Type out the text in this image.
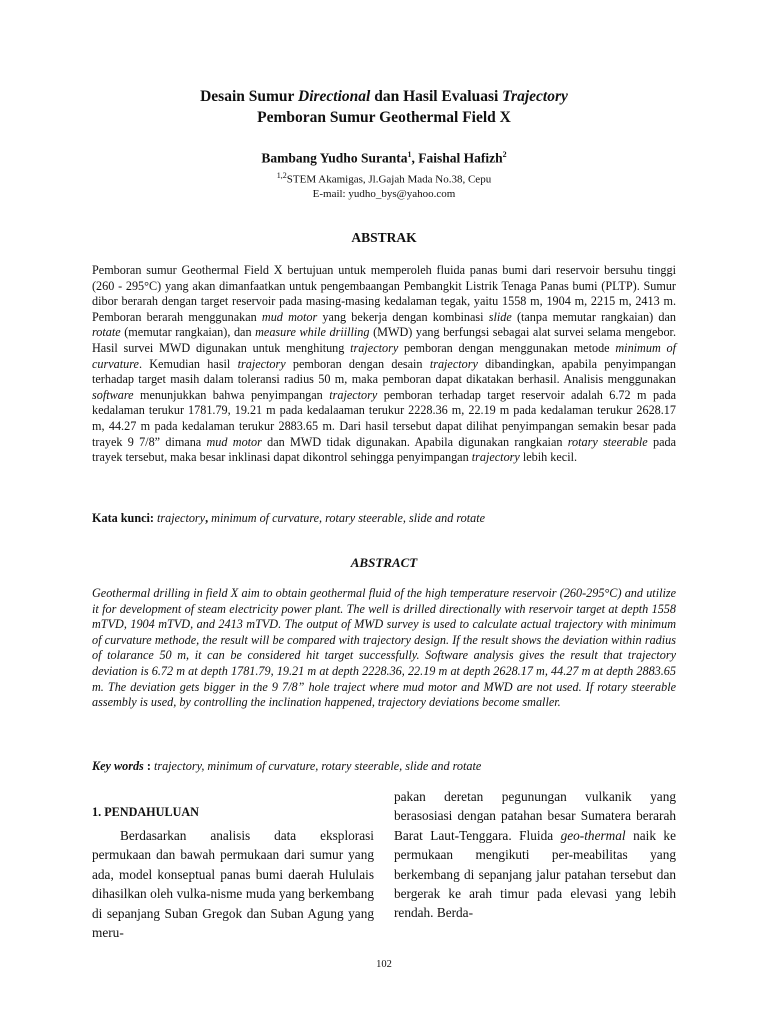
Desain Sumur Directional dan Hasil Evaluasi Trajectory
Pemboran Sumur Geothermal Field X
Bambang Yudho Suranta$^1$, Faishal Hafizh$^2$
$^{1,2}$STEM Akamigas, Jl.Gajah Mada No.38, Cepu
E-mail: yudho_bys@yahoo.com
ABSTRAK
Pemboran sumur Geothermal Field X bertujuan untuk memperoleh fluida panas bumi dari reservoir bersuhu tinggi (260 - 295°C) yang akan dimanfaatkan untuk pengembaangan Pembangkit Listrik Tenaga Panas bumi (PLTP). Sumur dibor berarah dengan target reservoir pada masing-masing kedalaman tegak, yaitu 1558 m, 1904 m, 2215 m, 2413 m. Pemboran berarah menggunakan mud motor yang bekerja dengan kombinasi slide (tanpa memutar rangkaian) dan rotate (memutar rangkaian), dan measure while driilling (MWD) yang berfungsi sebagai alat survei selama mengebor. Hasil survei MWD digunakan untuk menghitung trajectory pemboran dengan menggunakan metode minimum of curvature. Kemudian hasil trajectory pemboran dengan desain trajectory dibandingkan, apabila penyimpangan terhadap target masih dalam toleransi radius 50 m, maka pemboran dapat dikatakan berhasil. Analisis menggunakan software menunjukkan bahwa penyimpangan trajectory pemboran terhadap target reservoir adalah 6.72 m pada kedalaman terukur 1781.79, 19.21 m pada kedalaaman terukur 2228.36 m, 22.19 m pada kedalaman terukur 2628.17 m, 44.27 m pada kedalaman terukur 2883.65 m. Dari hasil tersebut dapat dilihat penyimpangan semakin besar pada trayek 9 7/8” dimana mud motor dan MWD tidak digunakan. Apabila digunakan rangkaian rotary steerable pada trayek tersebut, maka besar inklinasi dapat dikontrol sehingga penyimpangan trajectory lebih kecil.
Kata kunci: trajectory, minimum of curvature, rotary steerable, slide and rotate
ABSTRACT
Geothermal drilling in field X aim to obtain geothermal fluid of the high temperature reservoir (260-295°C) and utilize it for development of steam electricity power plant. The well is drilled directionally with reservoir target at depth 1558 mTVD, 1904 mTVD, and 2413 mTVD. The output of MWD survey is used to calculate actual trajectory with minimum of curvature methode, the result will be compared with trajectory design. If the result shows the deviation within radius of tolarance 50 m, it can be considered hit target successfully. Software analysis gives the result that trajectory deviation is 6.72 m at depth 1781.79, 19.21 m at depth 2228.36, 22.19 m at depth 2628.17 m, 44.27 m at depth 2883.65 m. The deviation gets bigger in the 9 7/8” hole traject where mud motor and MWD are not used. If rotary steerable assembly is used, by controlling the inclination happened, trajectory deviations become smaller.
Key words : trajectory, minimum of curvature, rotary steerable, slide and rotate
1. PENDAHULUAN

Berdasarkan analisis data eksplorasi permukaan dan bawah permukaan dari sumur yang ada, model konseptual panas bumi daerah Hululais dihasilkan oleh vulka-nisme muda yang berkembang di sepanjang Suban Gregok dan Suban Agung yang meru-

pakan deretan pegunungan vulkanik yang berasosiasi dengan patahan besar Sumatera berarah Barat Laut-Tenggara. Fluida geo-thermal naik ke permukaan mengikuti per-meabilitas yang berkembang di sepanjang jalur patahan tersebut dan bergerak ke arah timur pada elevasi yang lebih rendah. Berda-

102
